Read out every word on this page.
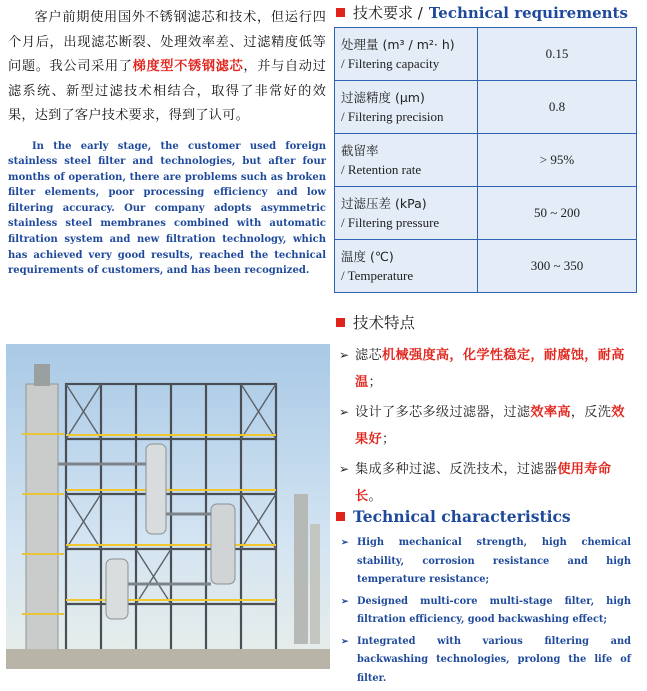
客户前期使用国外不锈钢滤芯和技术，但运行四个月后，出现滤芯断裂、处理效率差、过滤精度低等问题。我公司采用了梯度型不锈钢滤芯，并与自动过滤系统、新型过滤技术相结合，取得了非常好的效果，达到了客户技术要求，得到了认可。

In the early stage, the customer used foreign stainless steel filter and technologies, but after four months of operation, there are problems such as broken filter elements, poor processing efficiency and low filtering accuracy. Our company adopts asymmetric stainless steel membranes combined with automatic filtration system and new filtration technology, which has achieved very good results, reached the technical requirements of customers, and has been recognized.
技术要求 / Technical requirements
处理量 (m³ / m²· h)
/ Filtering capacity	0.15

过滤精度 (μm)
/ Filtering precision	0.8

截留率
/ Retention rate	> 95%

过滤压差 (kPa)
/ Filtering pressure	50 ~ 200

温度 (℃)
/ Temperature	300 ~ 350
技术特点
➢ 滤芯机械强度高，化学性稳定，耐腐蚀，耐高温；
➢ 设计了多芯多级过滤器，过滤效率高，反洗效果好；
➢ 集成多种过滤、反洗技术，过滤器使用寿命长。
Technical characteristics
➢ High mechanical strength, high chemical stability, corrosion resistance and high temperature resistance;
➢ Designed multi-core multi-stage filter, high filtration efficiency, good backwashing effect;
➢ Integrated with various filtering and backwashing technologies, prolong the life of filter.
